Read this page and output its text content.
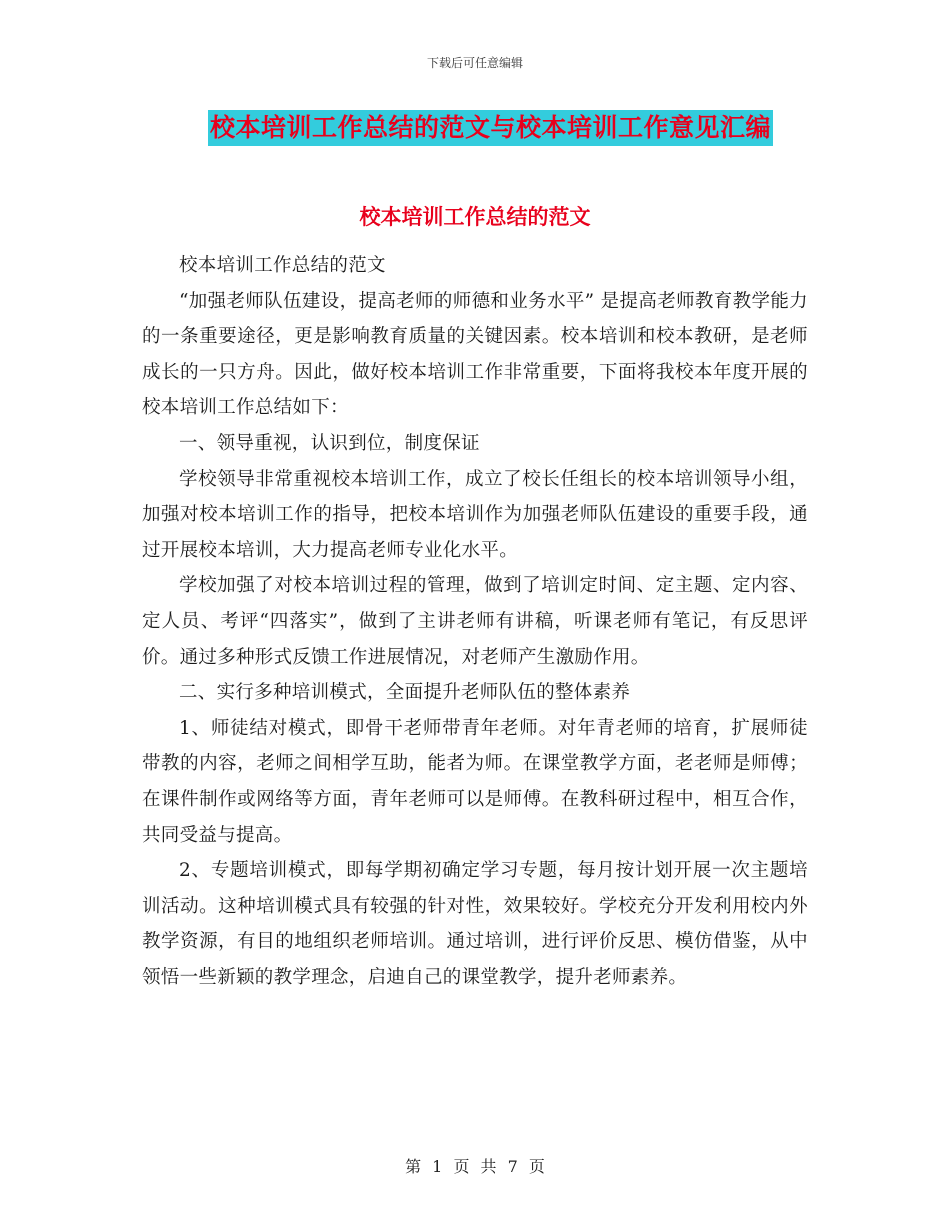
下载后可任意编辑
校本培训工作总结的范文与校本培训工作意见汇编
校本培训工作总结的范文

校本培训工作总结的范文

“加强老师队伍建设，提高老师的师德和业务水平” 是提高老师教育教学能力的一条重要途径，更是影响教育质量的关键因素。校本培训和校本教研，是老师成长的一只方舟。因此，做好校本培训工作非常重要，下面将我校本年度开展的校本培训工作总结如下：

一、领导重视，认识到位，制度保证

学校领导非常重视校本培训工作，成立了校长任组长的校本培训领导小组，加强对校本培训工作的指导，把校本培训作为加强老师队伍建设的重要手段，通过开展校本培训，大力提高老师专业化水平。

学校加强了对校本培训过程的管理，做到了培训定时间、定主题、定内容、定人员、考评“四落实”，做到了主讲老师有讲稿，听课老师有笔记，有反思评价。通过多种形式反馈工作进展情况，对老师产生激励作用。

二、实行多种培训模式，全面提升老师队伍的整体素养

1、师徒结对模式，即骨干老师带青年老师。对年青老师的培育，扩展师徒带教的内容，老师之间相学互助，能者为师。在课堂教学方面，老老师是师傅；在课件制作或网络等方面，青年老师可以是师傅。在教科研过程中，相互合作，共同受益与提高。

2、专题培训模式，即每学期初确定学习专题，每月按计划开展一次主题培训活动。这种培训模式具有较强的针对性，效果较好。学校充分开发利用校内外教学资源，有目的地组织老师培训。通过培训，进行评价反思、模仿借鉴，从中领悟一些新颖的教学理念，启迪自己的课堂教学，提升老师素养。

第 1 页 共 7 页
